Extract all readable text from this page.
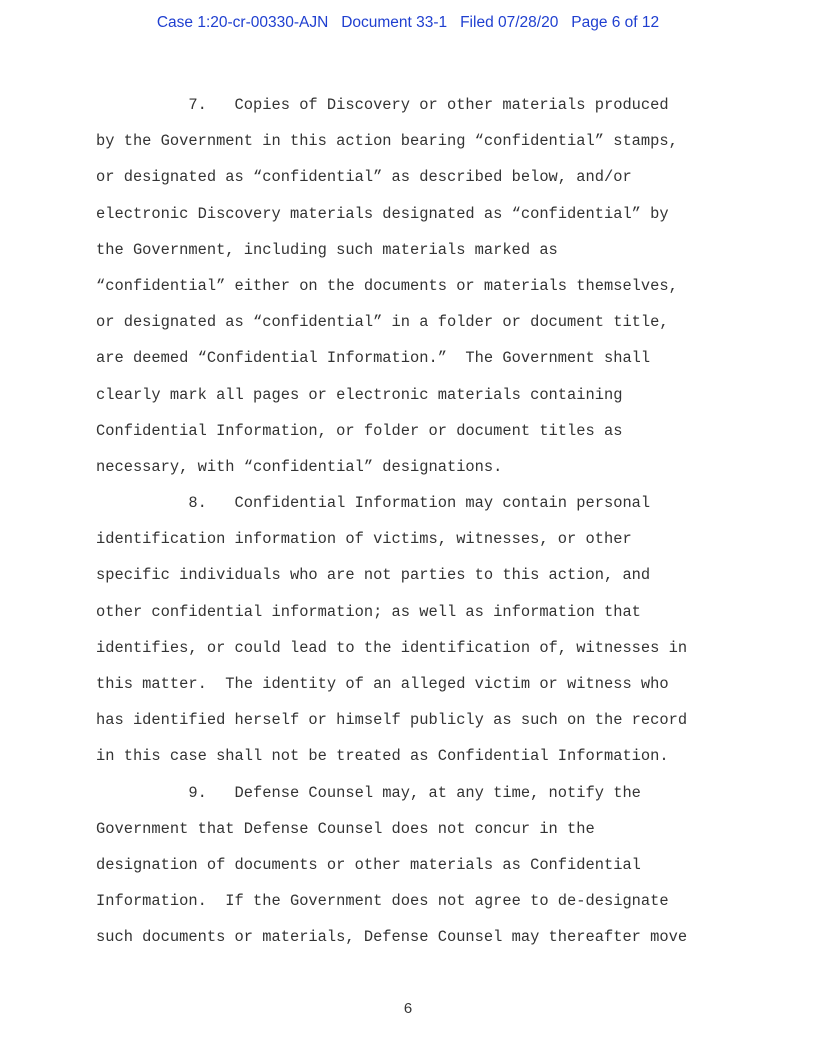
Case 1:20-cr-00330-AJN   Document 33-1   Filed 07/28/20   Page 6 of 12
7.   Copies of Discovery or other materials produced
by the Government in this action bearing “confidential” stamps,
or designated as “confidential” as described below, and/or
electronic Discovery materials designated as “confidential” by
the Government, including such materials marked as
“confidential” either on the documents or materials themselves,
or designated as “confidential” in a folder or document title,
are deemed “Confidential Information.”  The Government shall
clearly mark all pages or electronic materials containing
Confidential Information, or folder or document titles as
necessary, with “confidential” designations.
8.   Confidential Information may contain personal
identification information of victims, witnesses, or other
specific individuals who are not parties to this action, and
other confidential information; as well as information that
identifies, or could lead to the identification of, witnesses in
this matter.  The identity of an alleged victim or witness who
has identified herself or himself publicly as such on the record
in this case shall not be treated as Confidential Information.
9.   Defense Counsel may, at any time, notify the
Government that Defense Counsel does not concur in the
designation of documents or other materials as Confidential
Information.  If the Government does not agree to de-designate
such documents or materials, Defense Counsel may thereafter move
6
